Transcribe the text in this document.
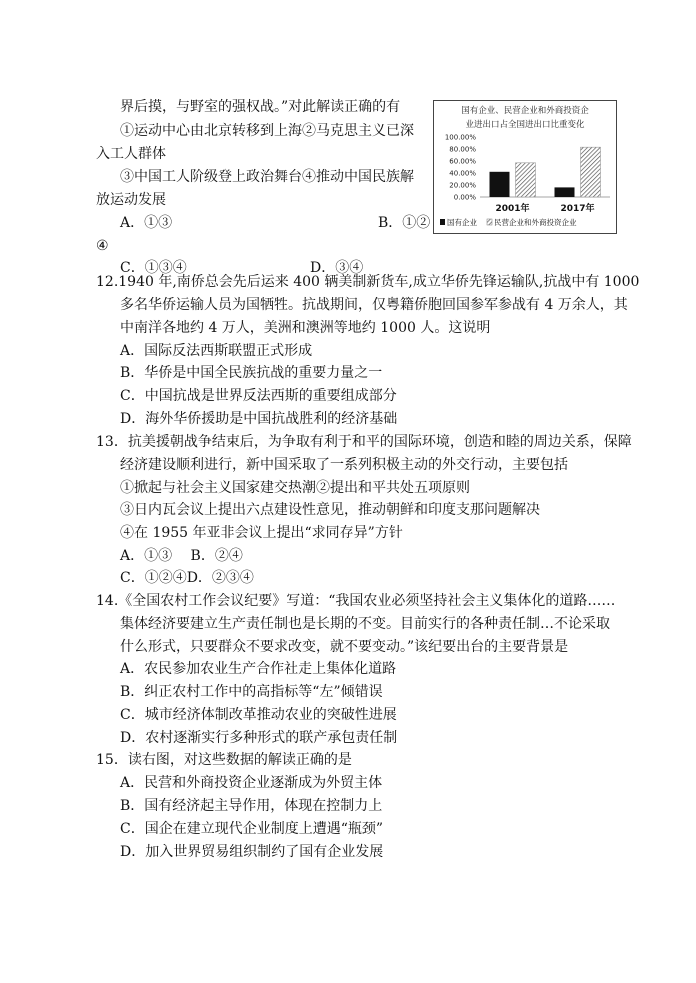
界后摸，与野室的强权战。”对此解读正确的有
①运动中心由北京转移到上海②马克思主义已深
入工人群体
③中国工人阶级登上政治舞台④推动中国民族解
放运动发展
A．①③	B．①②
④
C．①③④	D．③④
国有企业、民营企业和外商投资企
业进出口占全国进出口比重变化
100.00%
80.00%
60.00%
40.00%
20.00%
0.00%
2001年	2017年
国有企业 民营企业和外商投资企业
12.1940 年,南侨总会先后运来 400 辆美制新货车,成立华侨先锋运输队,抗战中有 1000
多名华侨运输人员为国牺牲。抗战期间，仅粤籍侨胞回国参军参战有 4 万余人，其
中南洋各地约 4 万人，美洲和澳洲等地约 1000 人。这说明
A．国际反法西斯联盟正式形成
B．华侨是中国全民族抗战的重要力量之一
C．中国抗战是世界反法西斯的重要组成部分
D．海外华侨援助是中国抗战胜利的经济基础
13．抗美援朝战争结束后，为争取有利于和平的国际环境，创造和睦的周边关系，保障
经济建设顺利进行，新中国采取了一系列积极主动的外交行动，主要包括
①掀起与社会主义国家建交热潮②提出和平共处五项原则
③日内瓦会议上提出六点建设性意见，推动朝鲜和印度支那问题解决
④在 1955 年亚非会议上提出“求同存异”方针
A．①③　 B．②④
C．①②④D．②③④
14.《全国农村工作会议纪要》写道：“我国农业必须坚持社会主义集体化的道路……
集体经济要建立生产责任制也是长期的不变。目前实行的各种责任制…不论采取
什么形式，只要群众不要求改变，就不要变动。”该纪要出台的主要背景是
A．农民参加农业生产合作社走上集体化道路
B．纠正农村工作中的高指标等“左”倾错误
C．城市经济体制改革推动农业的突破性进展
D．农村逐渐实行多种形式的联产承包责任制
15．读右图，对这些数据的解读正确的是
A．民营和外商投资企业逐渐成为外贸主体
B．国有经济起主导作用，体现在控制力上
C．国企在建立现代企业制度上遭遇“瓶颈”
D．加入世界贸易组织制约了国有企业发展
